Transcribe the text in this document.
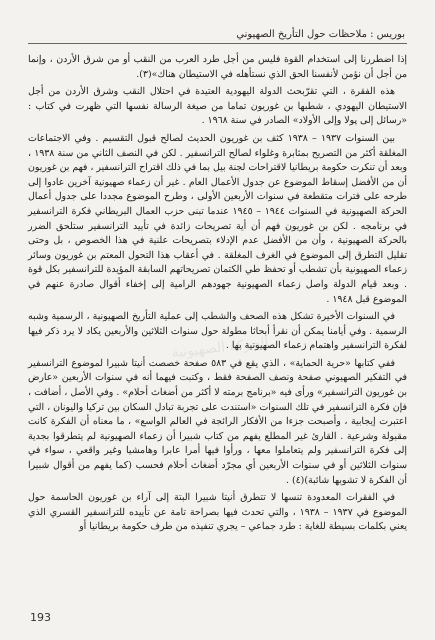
بوريس : ملاحظات حول التأريخ الصهيوني

إذا اضطررنا إلى استخدام القوة فليس من أجل طرد العرب من النقب أو من شرق الأردن ، وإنما من أجل أن نؤمن لأنفسنا الحق الذي نستأهله في الاستيطان هناك»(٣).

هذه الفقرة ، التي تقرّبحث الدولة اليهودية العتيدة في احتلال النقب وشرق الأردن من أجل الاستيطان اليهودي ، شطبها بن غوريون تماما من صيغة الرسالة نفسها التي ظهرت في كتاب : «رسائل إلى پولا وإلى الأولاد» الصادر في سنة ١٩٦٨ .

بين السنوات ١٩٣٧ – ١٩٣٨ كثف بن غوريون الحديث لصالح قبول التقسيم . وفي الاجتماعات المغلقة أكثر من التصريح بمثابرة وغلواء لصالح الترانسفير . لكن في النصف الثاني من سنة ١٩٣٨ ، وبعد أن تنكرت حكومة بريطانيا لاقتراحات لجنة بيل بما في ذلك اقتراح الترانسفير ، فهم بن غوريون أن من الأفضل إسقاط الموضوع عن جدول الأعمال العام . غير أن زعماء صهيونية آخرين عادوا إلى طرحه على فترات متقطعة في سنوات الأربعين الأولى ، وطرح الموضوع مجددا على جدول أعمال الحركة الصهيونية في السنوات ١٩٤٤ – ١٩٤٥ عندما تبنى حزب العمال البريطاني فكرة الترانسفير في برنامجه . لكن بن غوريون فهم أن أية تصريحات زائدة في تأييد الترانسفير ستلحق الضرر بالحركة الصهيونية ، وأن من الأفضل عدم الإدلاء بتصريحات علنية في هذا الخصوص ، بل وحتى تقليل التطرق إلى الموضوع في الغرف المغلقة . في أعقاب هذا التحول المعتم بن غوريون وسائر زعماء الصهيونية بأن تشطب أو تحفظ طي الكتمان تصريحاتهم السابقة المؤيدة للترانسفير بكل قوة . وبعد قيام الدولة واصل زعماء الصهيونية جهودهم الرامية إلى إخفاء أقوال صادرة عنهم في الموضوع قبل ١٩٤٨ .

في السنوات الأخيرة تشكل هذه الصحف والشطب إلى عملية التأريخ الصهيونية ، الرسمية وشبه الرسمية . وفي أيامنا يمكن أن نقرأ أبحاثا مطولة حول سنوات الثلاثين والأربعين يكاد لا يرد ذكر فيها لفكرة الترانسفير واهتمام زعماء الصهيونية بها .

ففي كتابها «حرية الحماية» ، الذي يقع في ٥٨٣ صفحة خصصت أنيتا شبيرا لموضوع الترانسفير في التفكير الصهيوني صفحة ونصف الصفحة فقط ، وكتبت فيهما أنه في سنوات الأربعين «عارض بن غوريون الترانسفير» ورأى فيه «برنامج برمته لا أكثر من أضغاث أحلام» . وفي الأصل ، أضافت ، فإن فكرة الترانسفير في تلك السنوات «استندت على تجربة تبادل السكان بين تركيا واليونان ، التي اعتبرت إيجابية ، وأصبحت جزءا من الأفكار الرائجة في العالم الواسع» ، ما معناه أن الفكرة كانت مقبولة وشرعية . القارئ غير المطلع يفهم من كتاب شبيرا أن زعماء الصهيونية لم يتطرقوا بجدية إلى فكرة الترانسفير ولم يتعاملوا معها ، ورأوا فيها أمرا عابرا وهامشيا وغير واقعي ، سواء في سنوات الثلاثين أو في سنوات الأربعين أي مجرّد أضغاث أحلام فحسب (كما يفهم من أقوال شبيرا أن الفكرة لا تشوبها شائبة)(٤) .

في الفقرات المعدودة تنسها لا تتطرق أنيتا شبيرا البتة إلى آراء بن غوريون الحاسمة حول الموضوع في ١٩٣٧ – ١٩٣٨ ، والتي تحدث فيها بصراحة تامة عن تأييده للترانسفير القسري الذي يعني بكلمات بسيطة للغاية : طرد جماعي – يجري تنفيذه من طرف حكومة بريطانيا أو

الحركة الصهيونية
193
